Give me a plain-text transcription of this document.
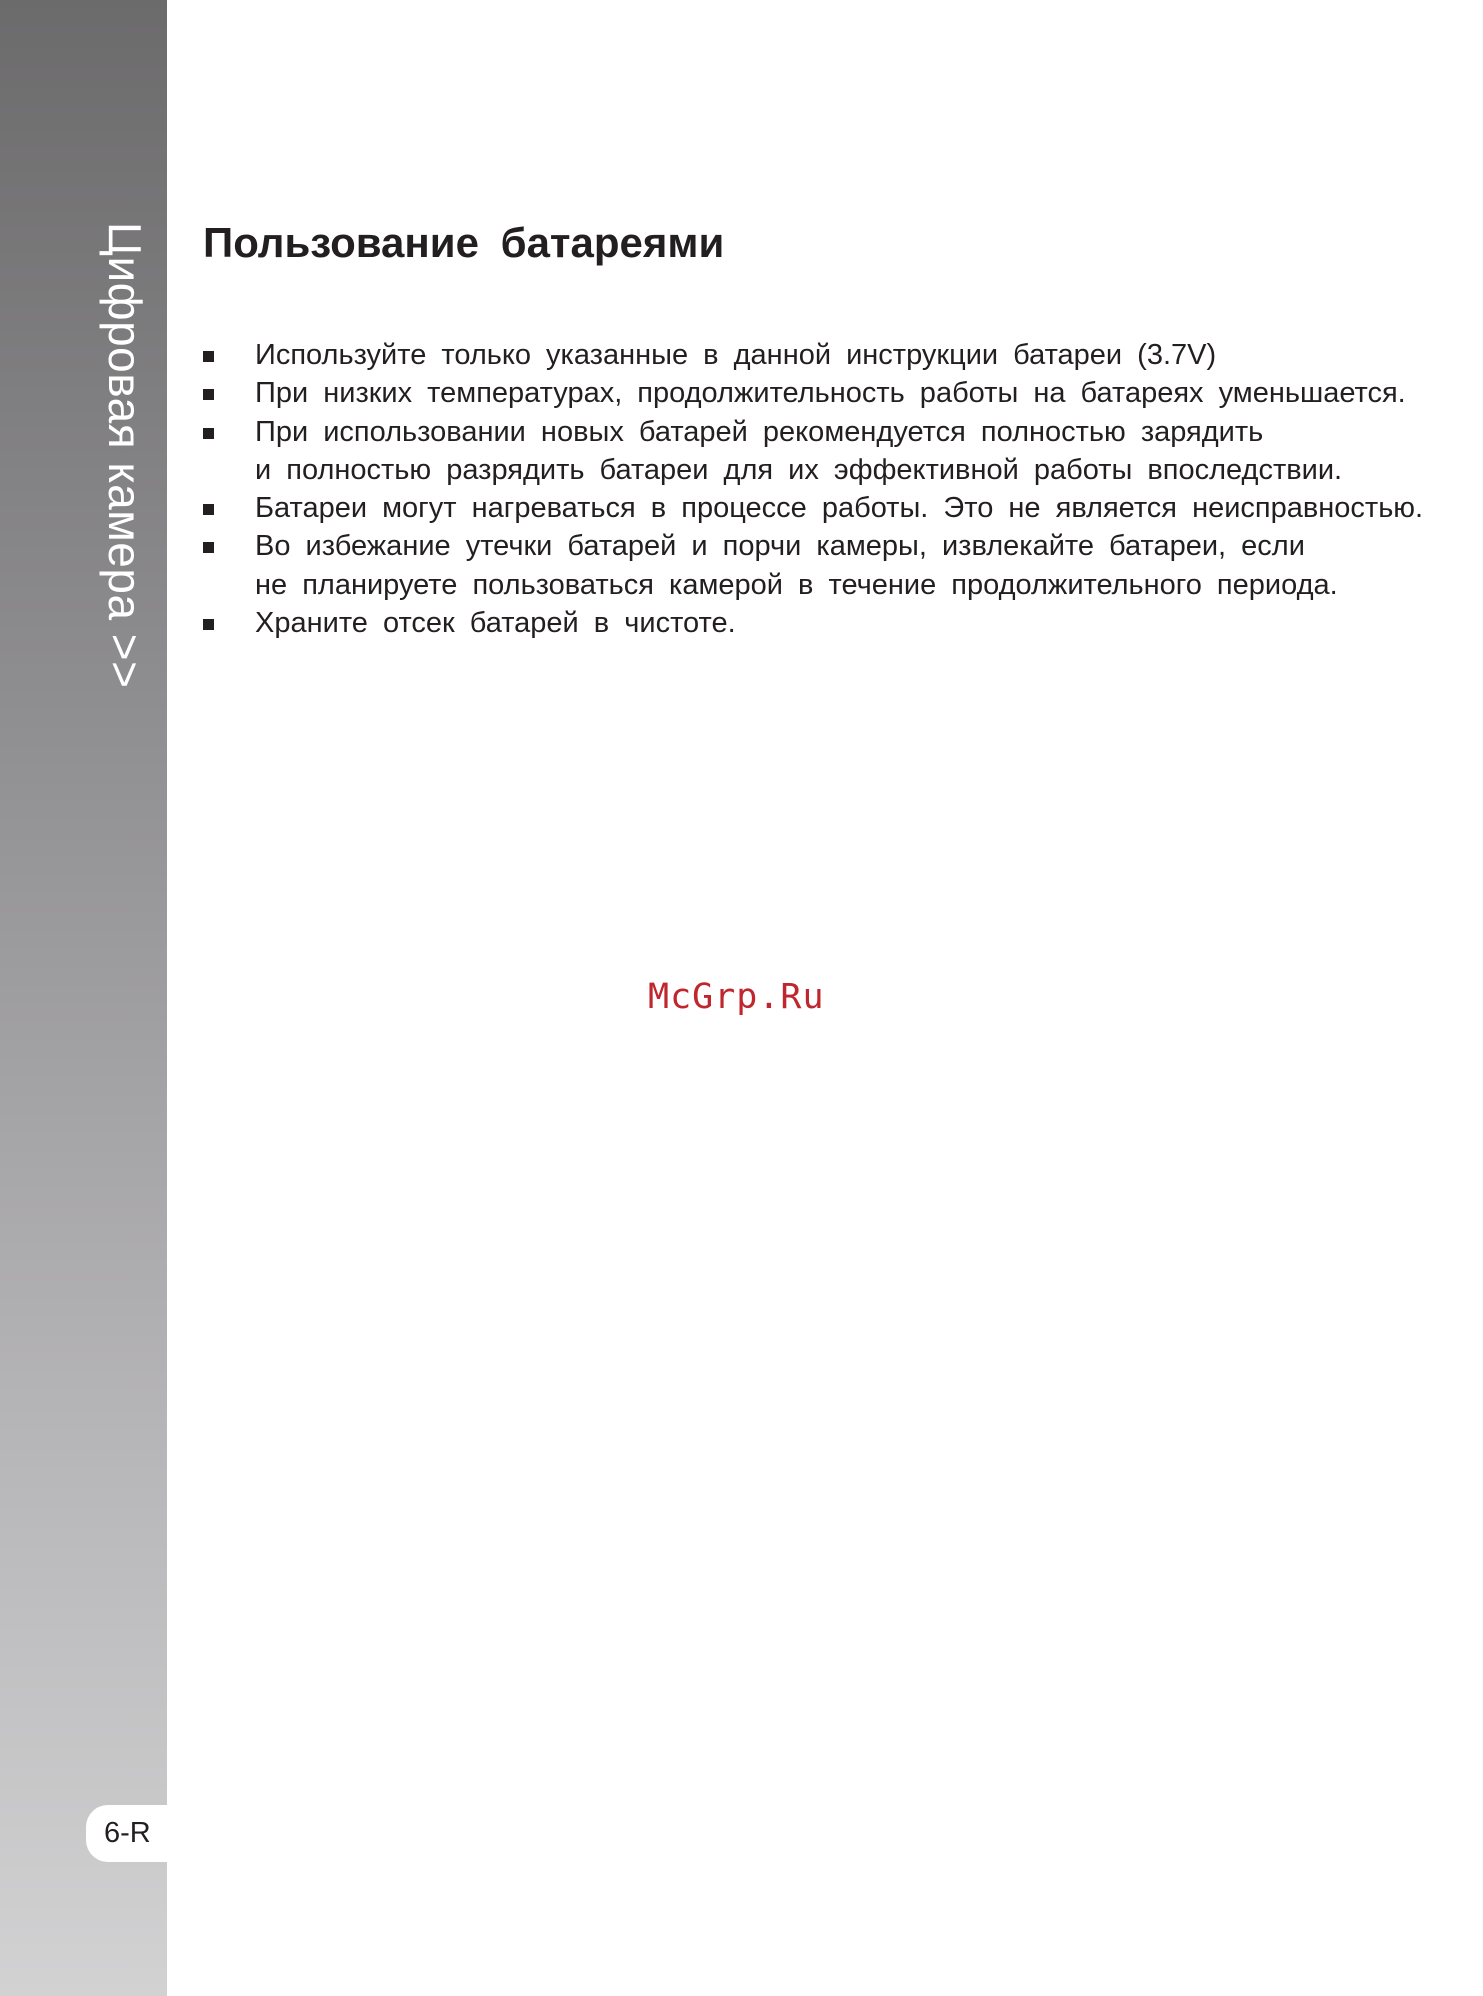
Цифровая камера >>
6-R
Пользование батареями
Используйте только указанные в данной инструкции батареи (3.7V)
При низких температурах, продолжительность работы на батареях уменьшается.
При использовании новых батарей рекомендуется полностью зарядить
и полностью разрядить батареи для их эффективной работы впоследствии.
Батареи могут нагреваться в процессе работы. Это не является неисправностью.
Во избежание утечки батарей и порчи камеры, извлекайте батареи, если
не планируете пользоваться камерой в течение продолжительного периода.
Храните отсек батарей в чистоте.
McGrp.Ru
